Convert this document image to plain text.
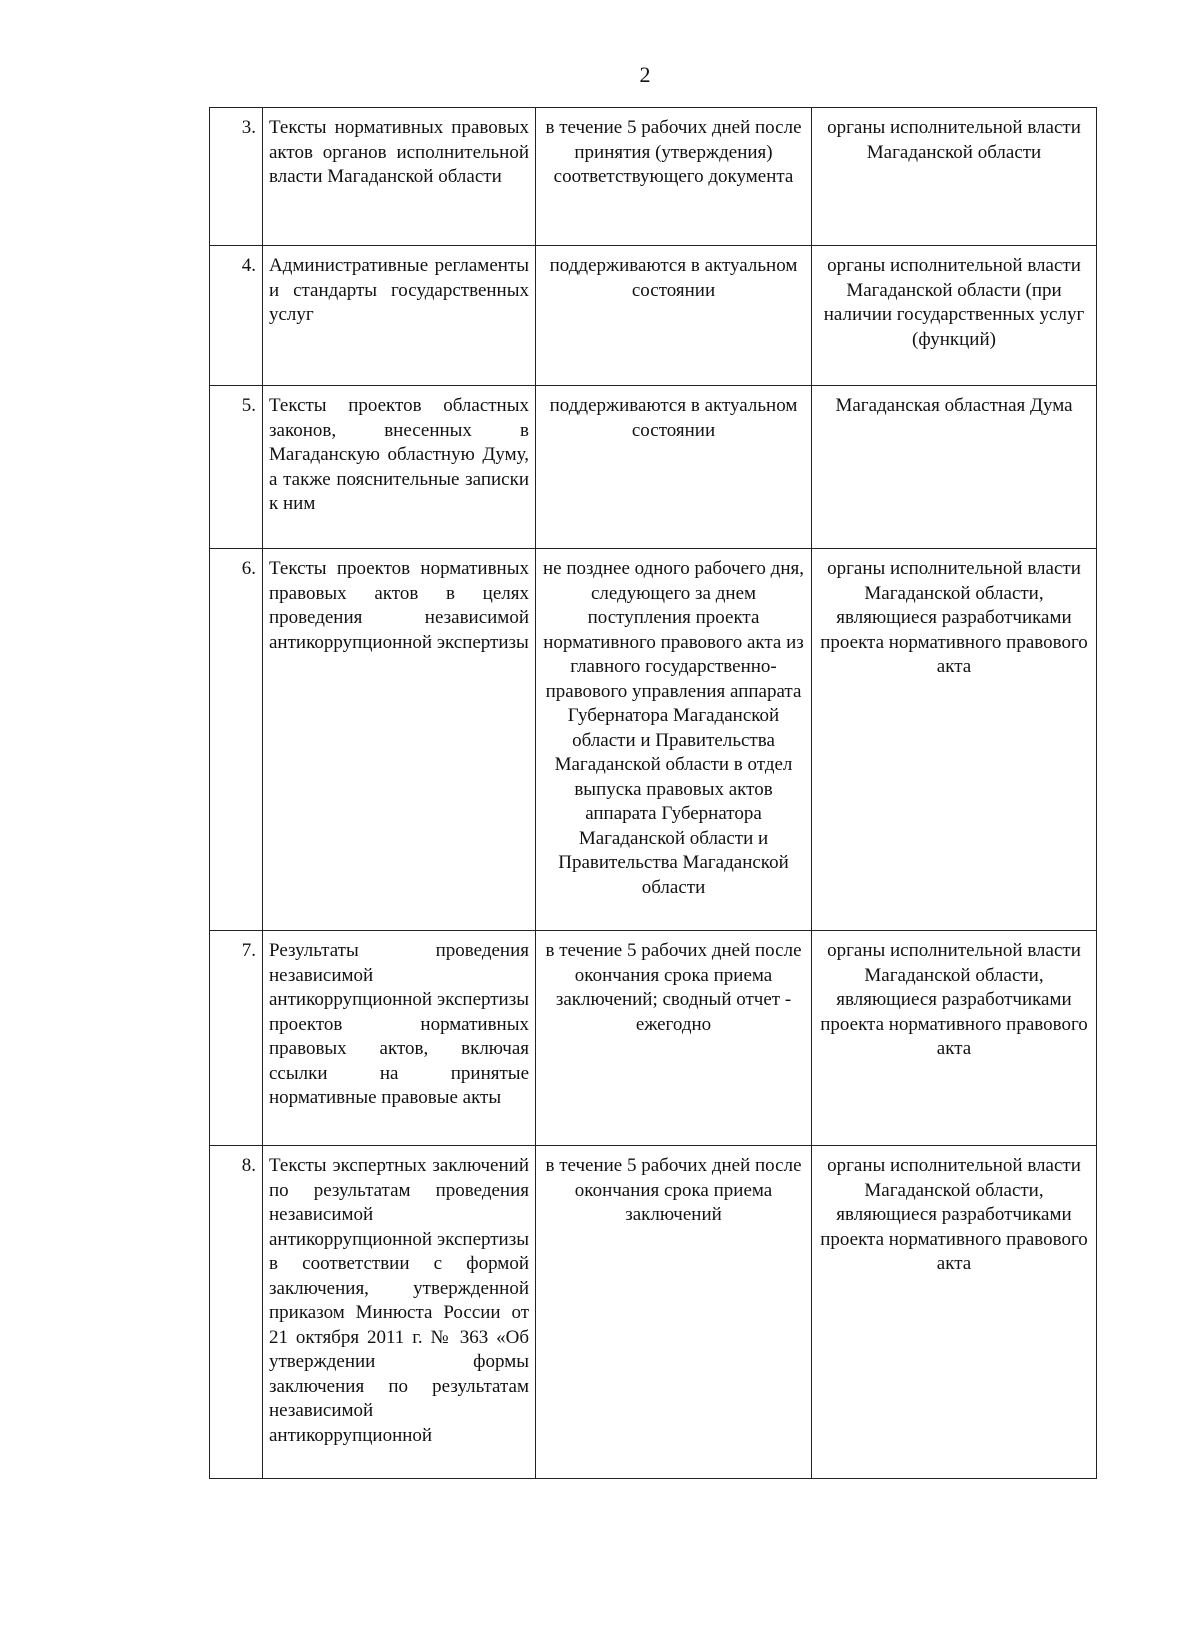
2
3.	Тексты нормативных правовых актов органов исполнительной власти Магаданской области	в течение 5 рабочих дней после принятия (утверждения) соответствующего документа	органы исполнительной власти Магаданской области
4.	Административные регламенты и стандарты государственных услуг	поддерживаются в актуальном состоянии	органы исполнительной власти Магаданской области (при наличии государственных услуг (функций)
5.	Тексты проектов областных законов, внесенных в Магаданскую областную Думу, а также пояснительные записки к ним	поддерживаются в актуальном состоянии	Магаданская областная Дума
6.	Тексты проектов нормативных правовых актов в целях проведения независимой антикоррупционной экспертизы	не позднее одного рабочего дня, следующего за днем поступления проекта нормативного правового акта из главного государственно-правового управления аппарата Губернатора Магаданской области и Правительства Магаданской области в отдел выпуска правовых актов аппарата Губернатора Магаданской области и Правительства Магаданской области	органы исполнительной власти Магаданской области, являющиеся разработчиками проекта нормативного правового акта
7.	Результаты проведения независимой антикоррупционной экспертизы проектов нормативных правовых актов, включая ссылки на принятые нормативные правовые акты	в течение 5 рабочих дней после окончания срока приема заключений; сводный отчет - ежегодно	органы исполнительной власти Магаданской области, являющиеся разработчиками проекта нормативного правового акта
8.	Тексты экспертных заключений по результатам проведения независимой антикоррупционной экспертизы в соответствии с формой заключения, утвержденной приказом Минюста России от 21 октября 2011 г. № 363 «Об утверждении формы заключения по результатам независимой антикоррупционной	в течение 5 рабочих дней после окончания срока приема заключений	органы исполнительной власти Магаданской области, являющиеся разработчиками проекта нормативного правового акта
